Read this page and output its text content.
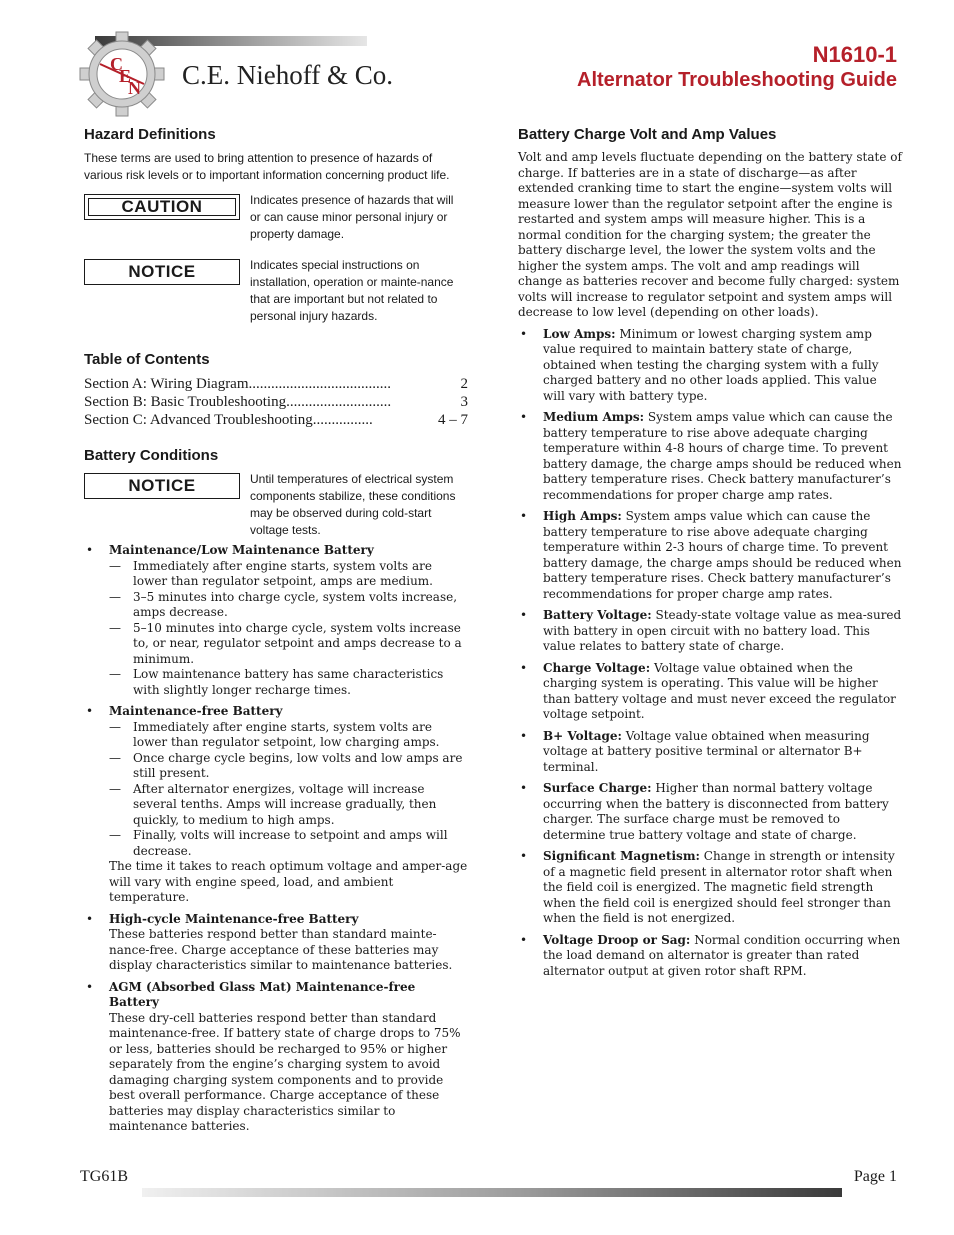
C
E
N C.E. Niehoff & Co.
N1610-1
Alternator Troubleshooting Guide
Hazard Definitions

These terms are used to bring attention to presence of hazards of various risk levels or to important information concerning product life.

CAUTION	Indicates presence of hazards that will or can cause minor personal injury or property damage.
NOTICE	Indicates special instructions on installation, operation or mainte-nance that are important but not related to personal injury hazards.
Table of Contents
Section A: Wiring Diagram ......................................	2
Section B: Basic Troubleshooting ............................	3
Section C: Advanced Troubleshooting ................	4 – 7
Battery Conditions
NOTICE	Until temperatures of electrical system components stabilize, these conditions may be observed during cold-start voltage tests.
• Maintenance/Low Maintenance Battery
— Immediately after engine starts, system volts are lower than regulator setpoint, amps are medium.
— 3–5 minutes into charge cycle, system volts increase, amps decrease.
— 5–10 minutes into charge cycle, system volts increase to, or near, regulator setpoint and amps decrease to a minimum.
— Low maintenance battery has same characteristics with slightly longer recharge times.
• Maintenance-free Battery
— Immediately after engine starts, system volts are lower than regulator setpoint, low charging amps.
— Once charge cycle begins, low volts and low amps are still present.
— After alternator energizes, voltage will increase several tenths. Amps will increase gradually, then quickly, to medium to high amps.
— Finally, volts will increase to setpoint and amps will decrease.

The time it takes to reach optimum voltage and amper-age will vary with engine speed, load, and ambient temperature.

• High-cycle Maintenance-free Battery

These batteries respond better than standard mainte-nance-free. Charge acceptance of these batteries may display characteristics similar to maintenance batteries.

• AGM (Absorbed Glass Mat) Maintenance-free Battery

These dry-cell batteries respond better than standard maintenance-free. If battery state of charge drops to 75% or less, batteries should be recharged to 95% or higher separately from the engine’s charging system to avoid damaging charging system components and to provide best overall performance. Charge acceptance of these batteries may display characteristics similar to maintenance batteries.

Battery Charge Volt and Amp Values

Volt and amp levels fluctuate depending on the battery state of charge. If batteries are in a state of discharge—as after extended cranking time to start the engine—system volts will measure lower than the regulator setpoint after the engine is restarted and system amps will measure higher. This is a normal condition for the charging system; the greater the battery discharge level, the lower the system volts and the higher the system amps. The volt and amp readings will change as batteries recover and become fully charged: system volts will increase to regulator setpoint and system amps will decrease to low level (depending on other loads).

• Low Amps: Minimum or lowest charging system amp value required to maintain battery state of charge, obtained when testing the charging system with a fully charged battery and no other loads applied. This value will vary with battery type.
• Medium Amps: System amps value which can cause the battery temperature to rise above adequate charging temperature within 4-8 hours of charge time. To prevent battery damage, the charge amps should be reduced when battery temperature rises. Check battery manufacturer’s recommendations for proper charge amp rates.
• High Amps: System amps value which can cause the battery temperature to rise above adequate charging temperature within 2-3 hours of charge time. To prevent battery damage, the charge amps should be reduced when battery temperature rises. Check battery manufacturer’s recommendations for proper charge amp rates.
• Battery Voltage: Steady-state voltage value as mea-sured with battery in open circuit with no battery load. This value relates to battery state of charge.
• Charge Voltage: Voltage value obtained when the charging system is operating. This value will be higher than battery voltage and must never exceed the regulator voltage setpoint.
• B+ Voltage: Voltage value obtained when measuring voltage at battery positive terminal or alternator B+ terminal.
• Surface Charge: Higher than normal battery voltage occurring when the battery is disconnected from battery charger. The surface charge must be removed to determine true battery voltage and state of charge.
• Significant Magnetism: Change in strength or intensity of a magnetic field present in alternator rotor shaft when the field coil is energized. The magnetic field strength when the field coil is energized should feel stronger than when the field is not energized.
• Voltage Droop or Sag: Normal condition occurring when the load demand on alternator is greater than rated alternator output at given rotor shaft RPM.
TG61B	Page 1
